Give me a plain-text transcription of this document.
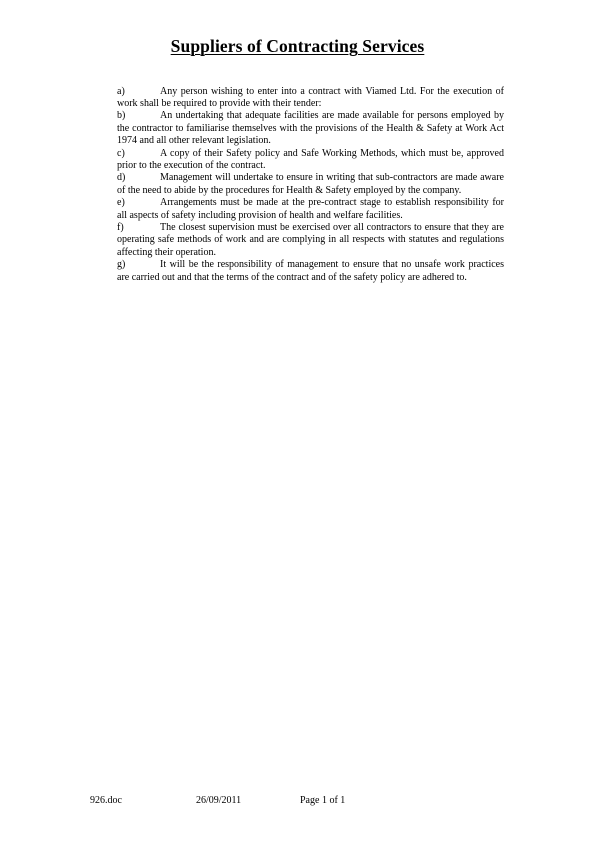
Suppliers of Contracting Services

a)	Any person wishing to enter into a contract with Viamed Ltd. For the execution of work shall be required to provide with their tender:

b)	An undertaking that adequate facilities are made available for persons employed by the contractor to familiarise themselves with the provisions of the Health & Safety at Work Act 1974 and all other relevant legislation.

c)	A copy of their Safety policy and Safe Working Methods, which must be, approved prior to the execution of the contract.

d)	Management will undertake to ensure in writing that sub-contractors are made aware of the need to abide by the procedures for Health & Safety employed by the company.

e)	Arrangements must be made at the pre-contract stage to establish responsibility for all aspects of safety including provision of health and welfare facilities.

f)	The closest supervision must be exercised over all contractors to ensure that they are operating safe methods of work and are complying in all respects with statutes and regulations affecting their operation.

g)	It will be the responsibility of management to ensure that no unsafe work practices are carried out and that the terms of the contract and of the safety policy are adhered to.

926.doc	26/09/2011	Page 1 of 1
